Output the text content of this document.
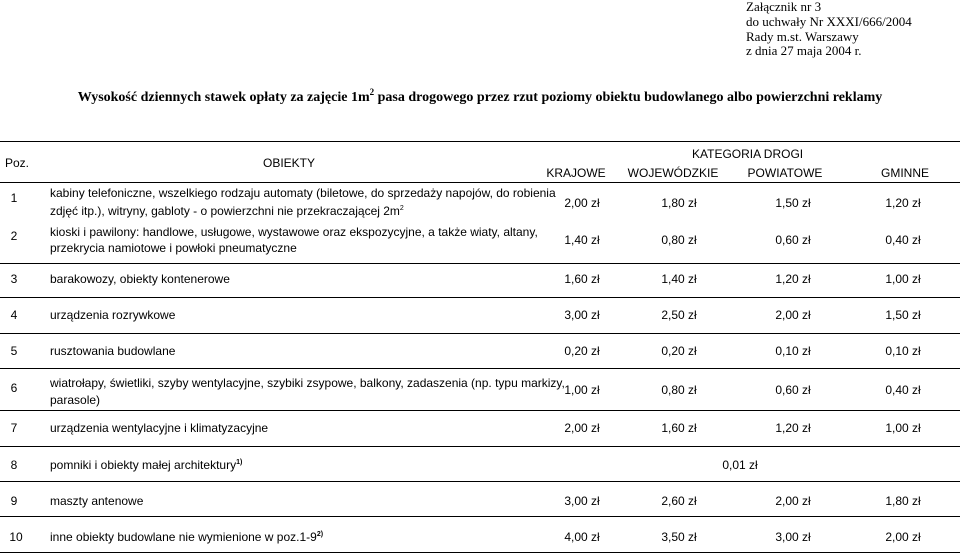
Załącznik nr 3
do uchwały Nr XXXI/666/2004
Rady m.st. Warszawy
z dnia 27 maja 2004 r.
Wysokość dziennych stawek opłaty za zajęcie $1m^2$ pasa drogowego przez rzut poziomy obiektu budowlanego albo powierzchni reklamy
Poz.	OBIEKTY
KATEGORIA DROGI
KRAJOWE	WOJEWÓDZKIE	POWIATOWE	GMINNE
1	kabiny telefoniczne, wszelkiego rodzaju automaty (biletowe, do sprzedaży napojów, do robienia
zdjęć itp.), witryny, gabloty - o powierzchni nie przekraczającej $2m^2$	2,00 zł	1,80 zł	1,50 zł	1,20 zł
2	kioski i pawilony: handlowe, usługowe, wystawowe oraz ekspozycyjne, a także wiaty, altany,
przekrycia namiotowe i powłoki pneumatyczne
1,40 zł	0,80 zł	0,60 zł	0,40 zł
3	barakowozy, obiekty kontenerowe	1,60 zł	1,40 zł	1,20 zł	1,00 zł
4	urządzenia rozrywkowe	3,00 zł	2,50 zł	2,00 zł	1,50 zł
5	rusztowania budowlane	0,20 zł	0,20 zł	0,10 zł	0,10 zł
6	wiatrołapy, świetliki, szyby wentylacyjne, szybiki zsypowe, balkony, zadaszenia (np. typu markizy,
parasole)
1,00 zł	0,80 zł	0,60 zł	0,40 zł
7	urządzenia wentylacyjne i klimatyzacyjne	2,00 zł	1,60 zł	1,20 zł	1,00 zł
8	pomniki i obiekty małej architektury$^{1)}$	0,01 zł
9	maszty antenowe	3,00 zł	2,60 zł	2,00 zł	1,80 zł
10 inne obiekty budowlane nie wymienione w poz.1-9$^{2)}$	4,00 zł	3,50 zł	3,00 zł	2,00 zł
